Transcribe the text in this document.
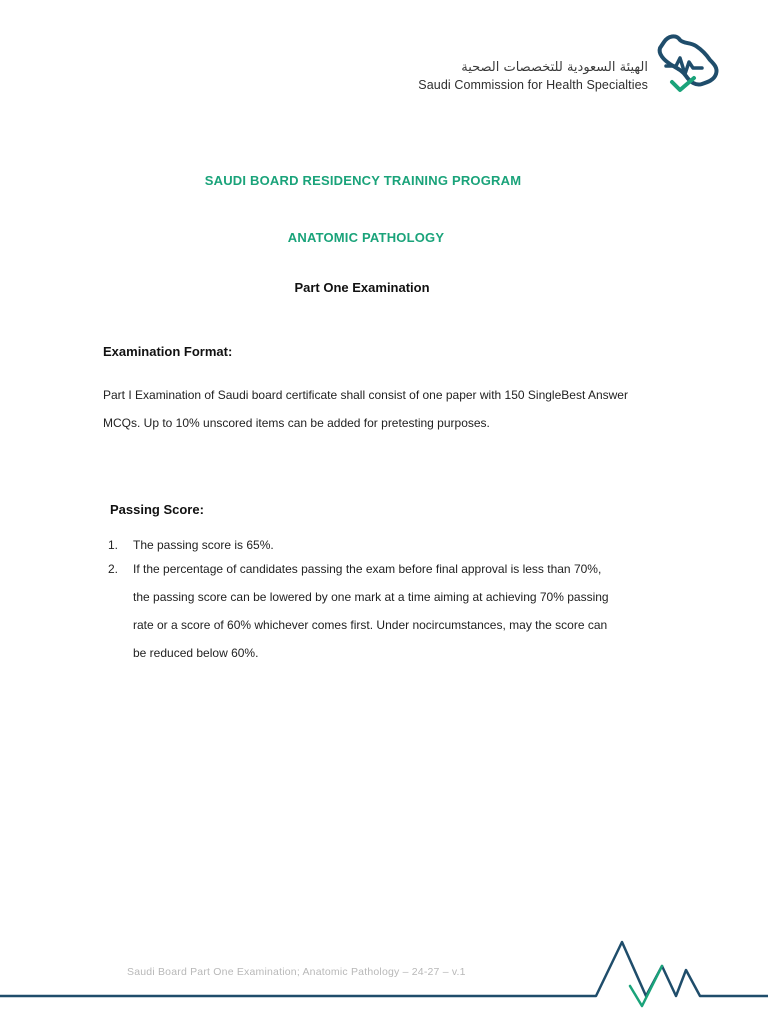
الهيئة السعودية للتخصصات الصحية
Saudi Commission for Health Specialties
SAUDI BOARD RESIDENCY TRAINING PROGRAM
ANATOMIC PATHOLOGY
Part One Examination
Examination Format:
Part I Examination of Saudi board certificate shall consist of one paper with 150 SingleBest Answer
MCQs. Up to 10% unscored items can be added for pretesting purposes.
Passing Score:
1. The passing score is 65%.
2. If the percentage of candidates passing the exam before final approval is less than 70%,
the passing score can be lowered by one mark at a time aiming at achieving 70% passing
rate or a score of 60% whichever comes first. Under nocircumstances, may the score can
be reduced below 60%.
Saudi Board Part One Examination; Anatomic Pathology – 24-27 – v.1
